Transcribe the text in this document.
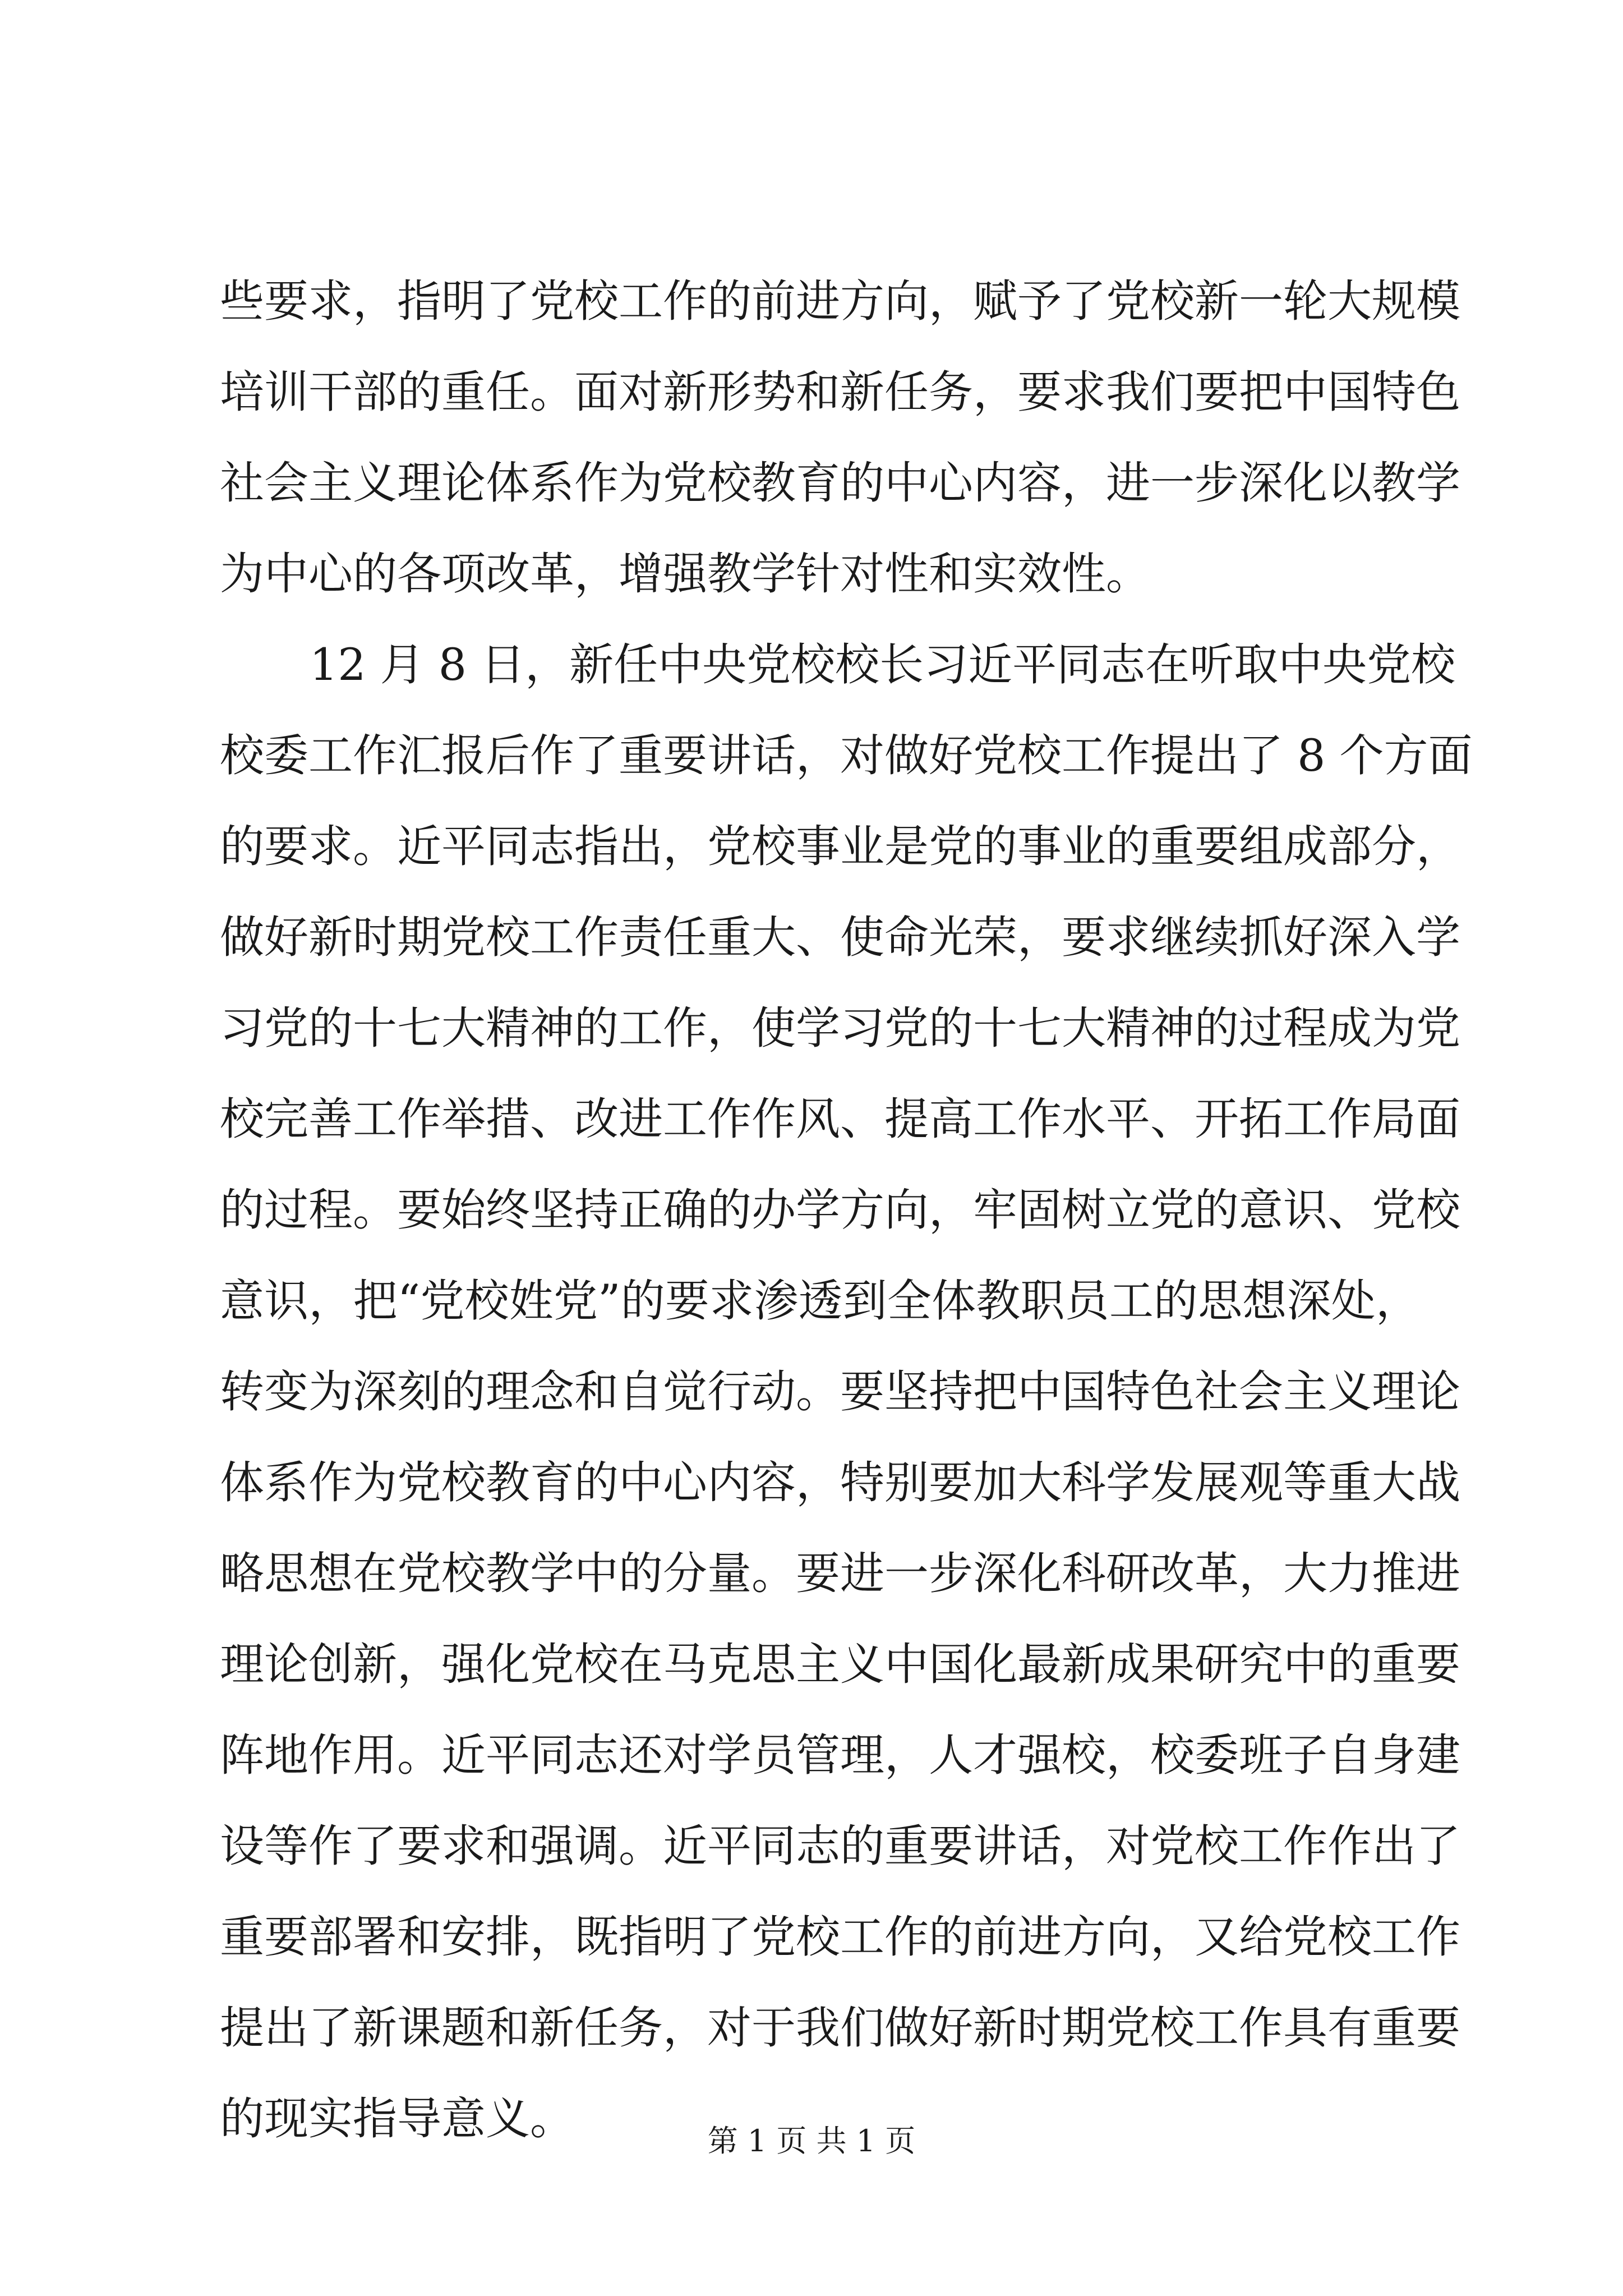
些要求，指明了党校工作的前进方向，赋予了党校新一轮大规模
培训干部的重任。面对新形势和新任务，要求我们要把中国特色
社会主义理论体系作为党校教育的中心内容，进一步深化以教学
为中心的各项改革，增强教学针对性和实效性。
12 月 8 日，新任中央党校校长习近平同志在听取中央党校
校委工作汇报后作了重要讲话，对做好党校工作提出了 8 个方面
的要求。近平同志指出，党校事业是党的事业的重要组成部分，
做好新时期党校工作责任重大、使命光荣，要求继续抓好深入学
习党的十七大精神的工作，使学习党的十七大精神的过程成为党
校完善工作举措、改进工作作风、提高工作水平、开拓工作局面
的过程。要始终坚持正确的办学方向，牢固树立党的意识、党校
意识，把“党校姓党”的要求渗透到全体教职员工的思想深处，
转变为深刻的理念和自觉行动。要坚持把中国特色社会主义理论
体系作为党校教育的中心内容，特别要加大科学发展观等重大战
略思想在党校教学中的分量。要进一步深化科研改革，大力推进
理论创新，强化党校在马克思主义中国化最新成果研究中的重要
阵地作用。近平同志还对学员管理，人才强校，校委班子自身建
设等作了要求和强调。近平同志的重要讲话，对党校工作作出了
重要部署和安排，既指明了党校工作的前进方向，又给党校工作
提出了新课题和新任务，对于我们做好新时期党校工作具有重要
的现实指导意义。	第 1 页 共 1 页
